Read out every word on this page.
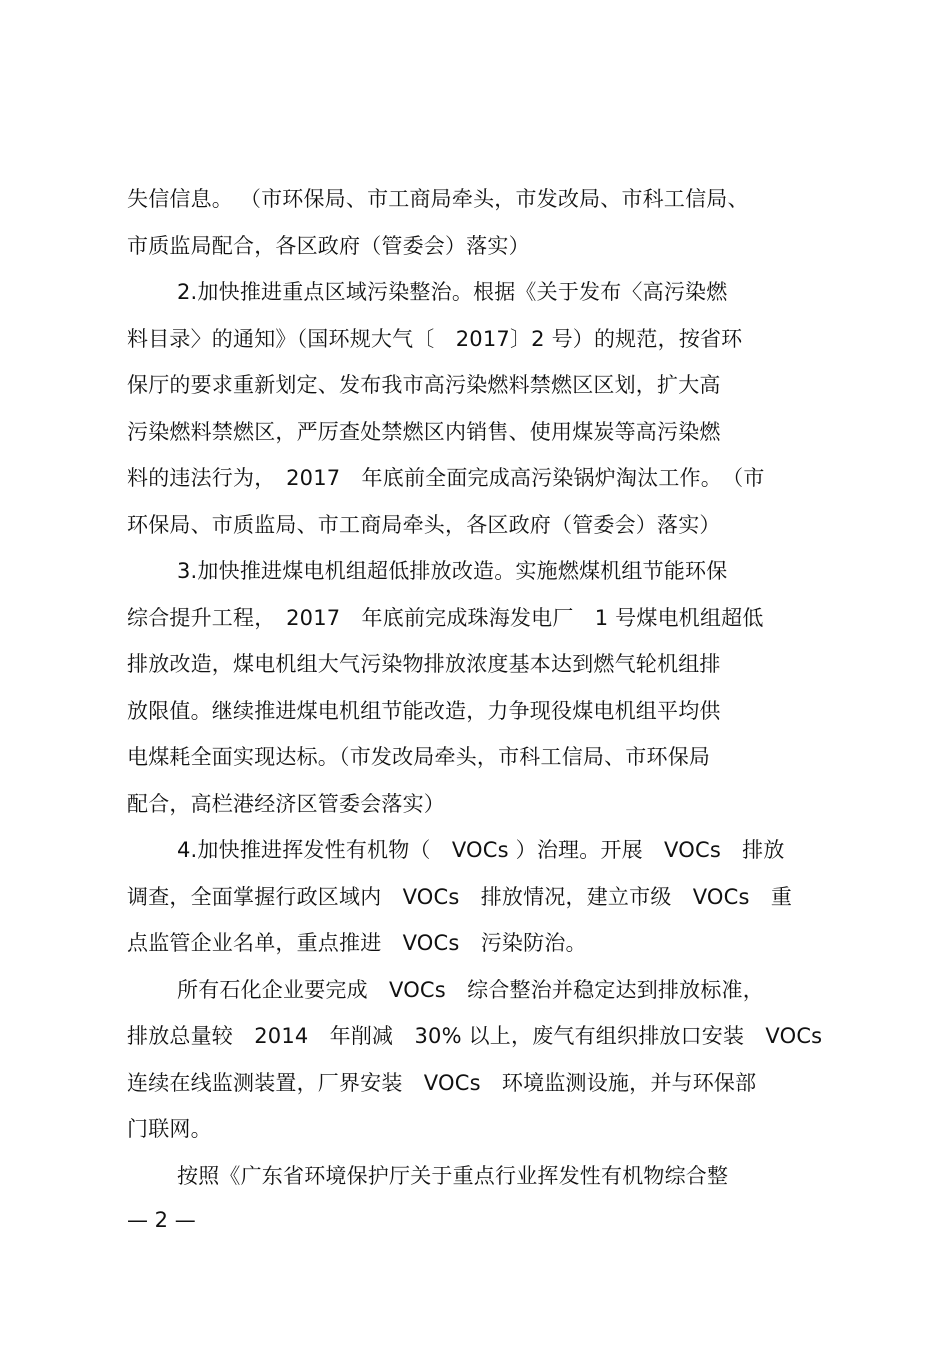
失信信息。 （市环保局、市工商局牵头，市发改局、市科工信局、
市质监局配合，各区政府（管委会）落实）
2.加快推进重点区域污染整治。根据《关于发布〈高污染燃
料目录〉的通知》（国环规大气〔　2017〕2 号）的规范，按省环
保厅的要求重新划定、发布我市高污染燃料禁燃区区划，扩大高
污染燃料禁燃区，严厉查处禁燃区内销售、使用煤炭等高污染燃
料的违法行为，　2017　年底前全面完成高污染锅炉淘汰工作。　（市
环保局、市质监局、市工商局牵头，各区政府（管委会）落实）
3.加快推进煤电机组超低排放改造。实施燃煤机组节能环保
综合提升工程，　2017　年底前完成珠海发电厂　1 号煤电机组超低
排放改造，煤电机组大气污染物排放浓度基本达到燃气轮机组排
放限值。继续推进煤电机组节能改造，力争现役煤电机组平均供
电煤耗全面实现达标。（市发改局牵头，市科工信局、市环保局
配合，高栏港经济区管委会落实）
4.加快推进挥发性有机物（　VOCs ）治理。开展　VOCs　排放
调查，全面掌握行政区域内　VOCs　排放情况，建立市级　VOCs　重
点监管企业名单，重点推进　VOCs　污染防治。
所有石化企业要完成　VOCs　综合整治并稳定达到排放标准，
排放总量较　2014　年削减　30% 以上，废气有组织排放口安装　VOCs
连续在线监测装置，厂界安装　VOCs　环境监测设施，并与环保部
门联网。
按照《广东省环境保护厅关于重点行业挥发性有机物综合整
— 2 —
